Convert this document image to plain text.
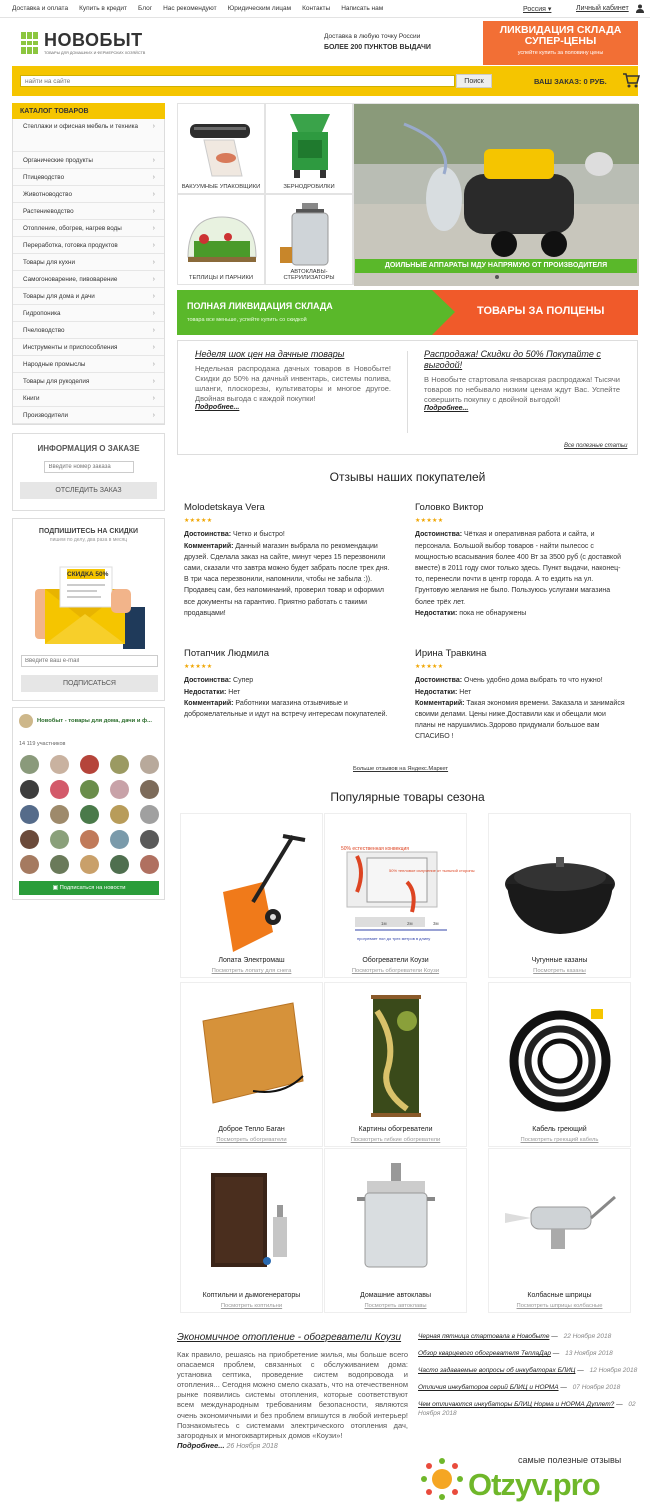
Доставка и оплата Купить в кредит Блог Нас рекомендуют Юридическим лицам Контакты Написать нам	Россия ▾	Личный кабинет
НОВОБЫТ
ТОВАРЫ ДЛЯ ДОМАШНИХ И ФЕРМЕРСКИХ ХОЗЯЙСТВ
Доставка в любую точку России
БОЛЕЕ 200 ПУНКТОВ ВЫДАЧИ
ЛИКВИДАЦИЯ СКЛАДА
СУПЕР-ЦЕНЫ
успейте купить за половину цены
найти на сайте
Поиск	ВАШ ЗАКАЗ: 0 РУБ.
КАТАЛОГ ТОВАРОВ
Стеллажи и офисная мебель и техника ›
Органические продукты	›
Птицеводство	›
Животноводство	›
Растениеводство	›
Отопление, обогрев, нагрев воды	›
Переработка, готовка продуктов	›
Товары для кухни	›
Самогоноварение, пивоварение	›
Товары для дома и дачи	›
Гидропоника	›
Пчеловодство	›
Инструменты и приспособления	›
Народные промыслы	›
Товары для рукоделия	›
Книги	›
Производители	›
ИНФОРМАЦИЯ О ЗАКАЗЕ
Введите номер заказа
ОТСЛЕДИТЬ ЗАКАЗ
ПОДПИШИТЕСЬ НА СКИДКИ
пишем по делу, два раза в месяц
СКИДКА 50%
Введите ваш e-mail
ПОДПИСАТЬСЯ
Новобыт - товары для дома, дачи и ф...
14 119 участников
▣ Подписаться на новости
ВАКУУМНЫЕ УПАКОВЩИКИ	ЗЕРНОДРОБИЛКИ
ТЕПЛИЦЫ И ПАРНИКИ
АВТОКЛАВЫ-СТЕРИЛИЗАТОРЫ
ДОИЛЬНЫЕ АППАРАТЫ МДУ НАПРЯМУЮ ОТ ПРОИЗВОДИТЕЛЯ
ПОЛНАЯ ЛИКВИДАЦИЯ СКЛАДА
товара все меньше, успейте купить со скидкой
ТОВАРЫ ЗА ПОЛЦЕНЫ
Неделя шок цен на дачные товары
Недельная распродажа дачных товаров в Новобыте! Скидки до 50% на дачный инвентарь, системы полива, шланги, плоскорезы, культиваторы и многое другое. Двойная выгода с каждой покупки!
Подробнее...
Распродажа! Скидки до 50% Покупайте с выгодой!
В Новобыте стартовала январская распродажа! Тысячи товаров по небывало низким ценам ждут Вас. Успейте совершить покупку с двойной выгодой!
Подробнее...
Все полезные статьи
Отзывы наших покупателей
Molodetskaya Vera
★★★★★
Достоинства: Четко и быстро!
Комментарий: Данный магазин выбрала по рекомендации друзей. Сделала заказ на сайте, минут через 15 перезвонили сами, сказали что завтра можно будет забрать после трех дня. В три часа перезвонили, напомнили, чтобы не забыла :)). Продавец сам, без напоминаний, проверил товар и оформил все документы на гарантию. Приятно работать с такими продавцами!
Головко Виктор
★★★★★
Достоинства: Чёткая и оперативная работа и сайта, и персонала. Большой выбор товаров - найти пылесос с мощностью всасывания более 400 Вт за 3500 руб (с доставкой вместе) в 2011 году смог только здесь. Пункт выдачи, наконец-то, перенесли почти в центр города. А то ездить на ул. Грунтовую желания не было. Пользуюсь услугами магазина более трёх лет.
Недостатки: пока не обнаружены
Потапчик Людмила
★★★★★
Достоинства: Супер
Недостатки: Нет
Комментарий: Работники магазина отзывчивые и доброжелательные и идут на встречу интересам покупателей.
Ирина Травкина
★★★★★
Достоинства: Очень удобно дома выбрать то что нужно!
Недостатки: Нет
Комментарий: Такая экономия времени. Заказала и занимайся своими делами. Цены ниже.Доставили как и обещали мои планы не нарушились.Здорово придумали большое вам СПАСИБО !
Больше отзывов на Яндекс.Маркет
Популярные товары сезона
Лопата Электромаш
Посмотреть лопату для снега
50% естественная конвекция
50% тепловое излучение от тыльной стороны
1м	2м	3м
прогревает пол до трех метров в длину
Обогреватели Коузи
Посмотреть обогреватели Коузи
Чугунные казаны
Посмотреть казаны
Доброе Тепло Баган
Посмотреть обогреватели
Картины обогреватели
Посмотреть гибкие обогреватели
Кабель греющий
Посмотреть греющий кабель
Коптильни и дымогенераторы
Посмотреть коптильни
Домашние автоклавы
Посмотреть автоклавы
Колбасные шприцы
Посмотреть шприцы колбасные
Экономичное отопление - обогреватели Коузи
Как правило, решаясь на приобретение жилья, мы больше всего опасаемся проблем, связанных с обслуживанием дома: установка септика, проведение систем водопровода и отопления... Сегодня можно смело сказать, что на отечественном рынке появились системы отопления, которые соответствуют всем международным требованиям безопасности, являются очень экономичными и без проблем впишутся в любой интерьер! Познакомьтесь с системами электрического отопления дач, загородных и многоквартирных домов «Коузи»!
Подробнее... 26 Ноября 2018
Черная пятница стартовала в Новобыте — 22 Ноября 2018
Обзор кварцевого обогревателя ТеплаДар — 13 Ноября 2018
Часто задаваемые вопросы об инкубаторах БЛИЦ — 12 Ноября 2018
Отличия инкубаторов серий БЛИЦ и НОРМА — 07 Ноября 2018
Чем отличаются инкубаторы БЛИЦ Норма и НОРМА Дуплет? — 02 Ноября 2018
самые полезные отзывы
Otzyv.pro
